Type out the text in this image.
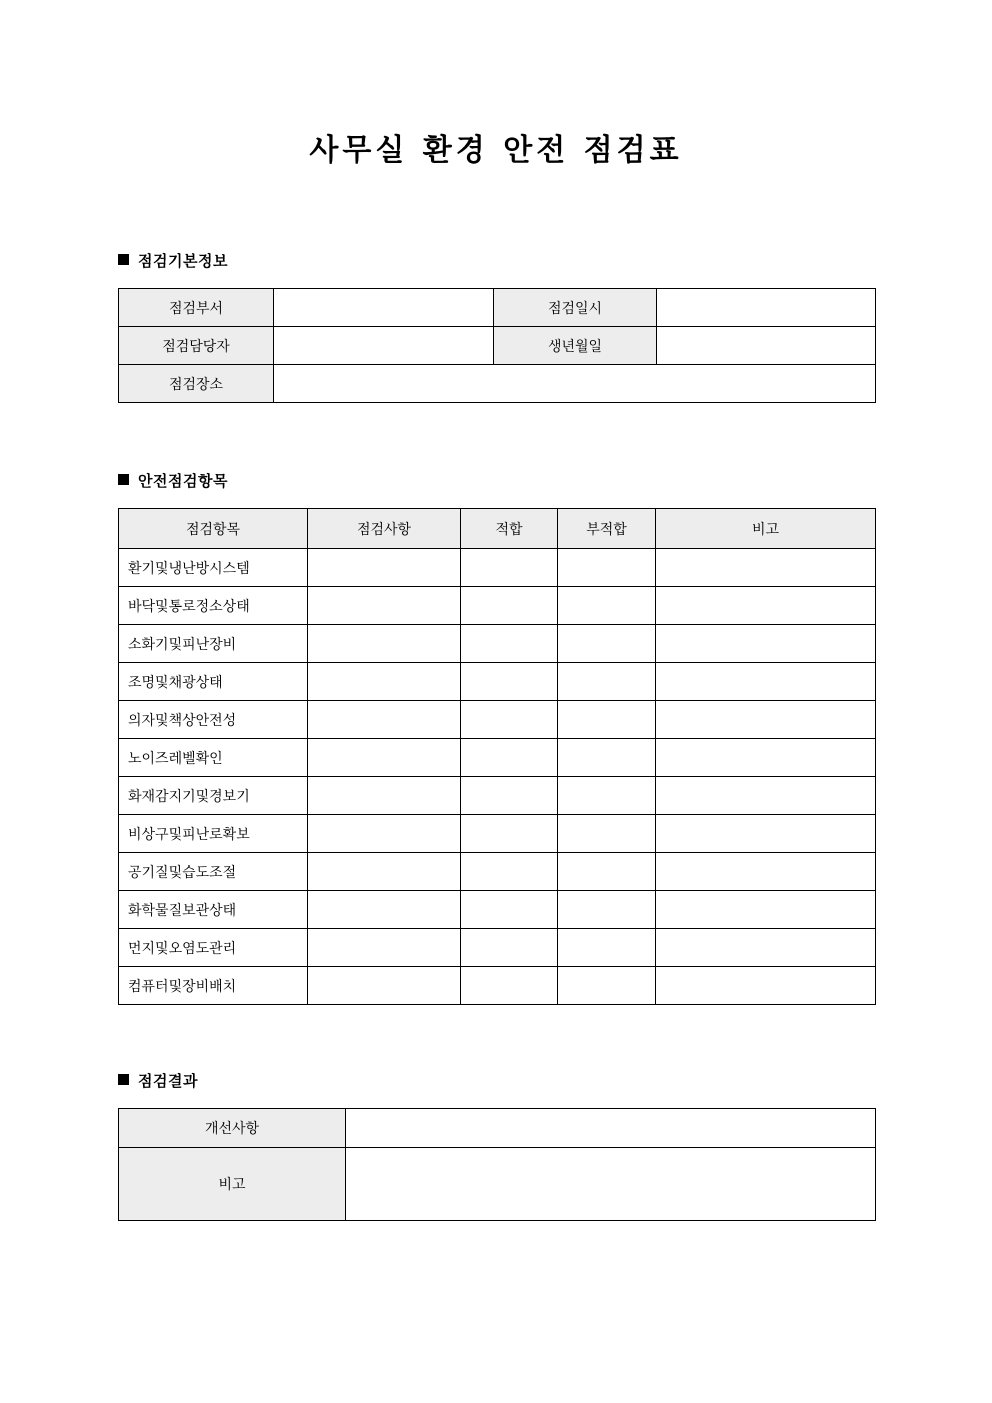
사무실 환경 안전 점검표
점검기본정보
점검부서		점검일시	
점검담당자		생년월일	
점검장소			
안전점검항목
점검항목	점검사항	적합	부적합	비고
환기및냉난방시스템				
바닥및통로정소상태				
소화기및피난장비				
조명및채광상태				
의자및책상안전성				
노이즈레벨확인				
화재감지기및경보기				
비상구및피난로확보				
공기질및습도조절				
화학물질보관상태				
먼지및오염도관리				
컴퓨터및장비배치				
점검결과
개선사항	
비고	
